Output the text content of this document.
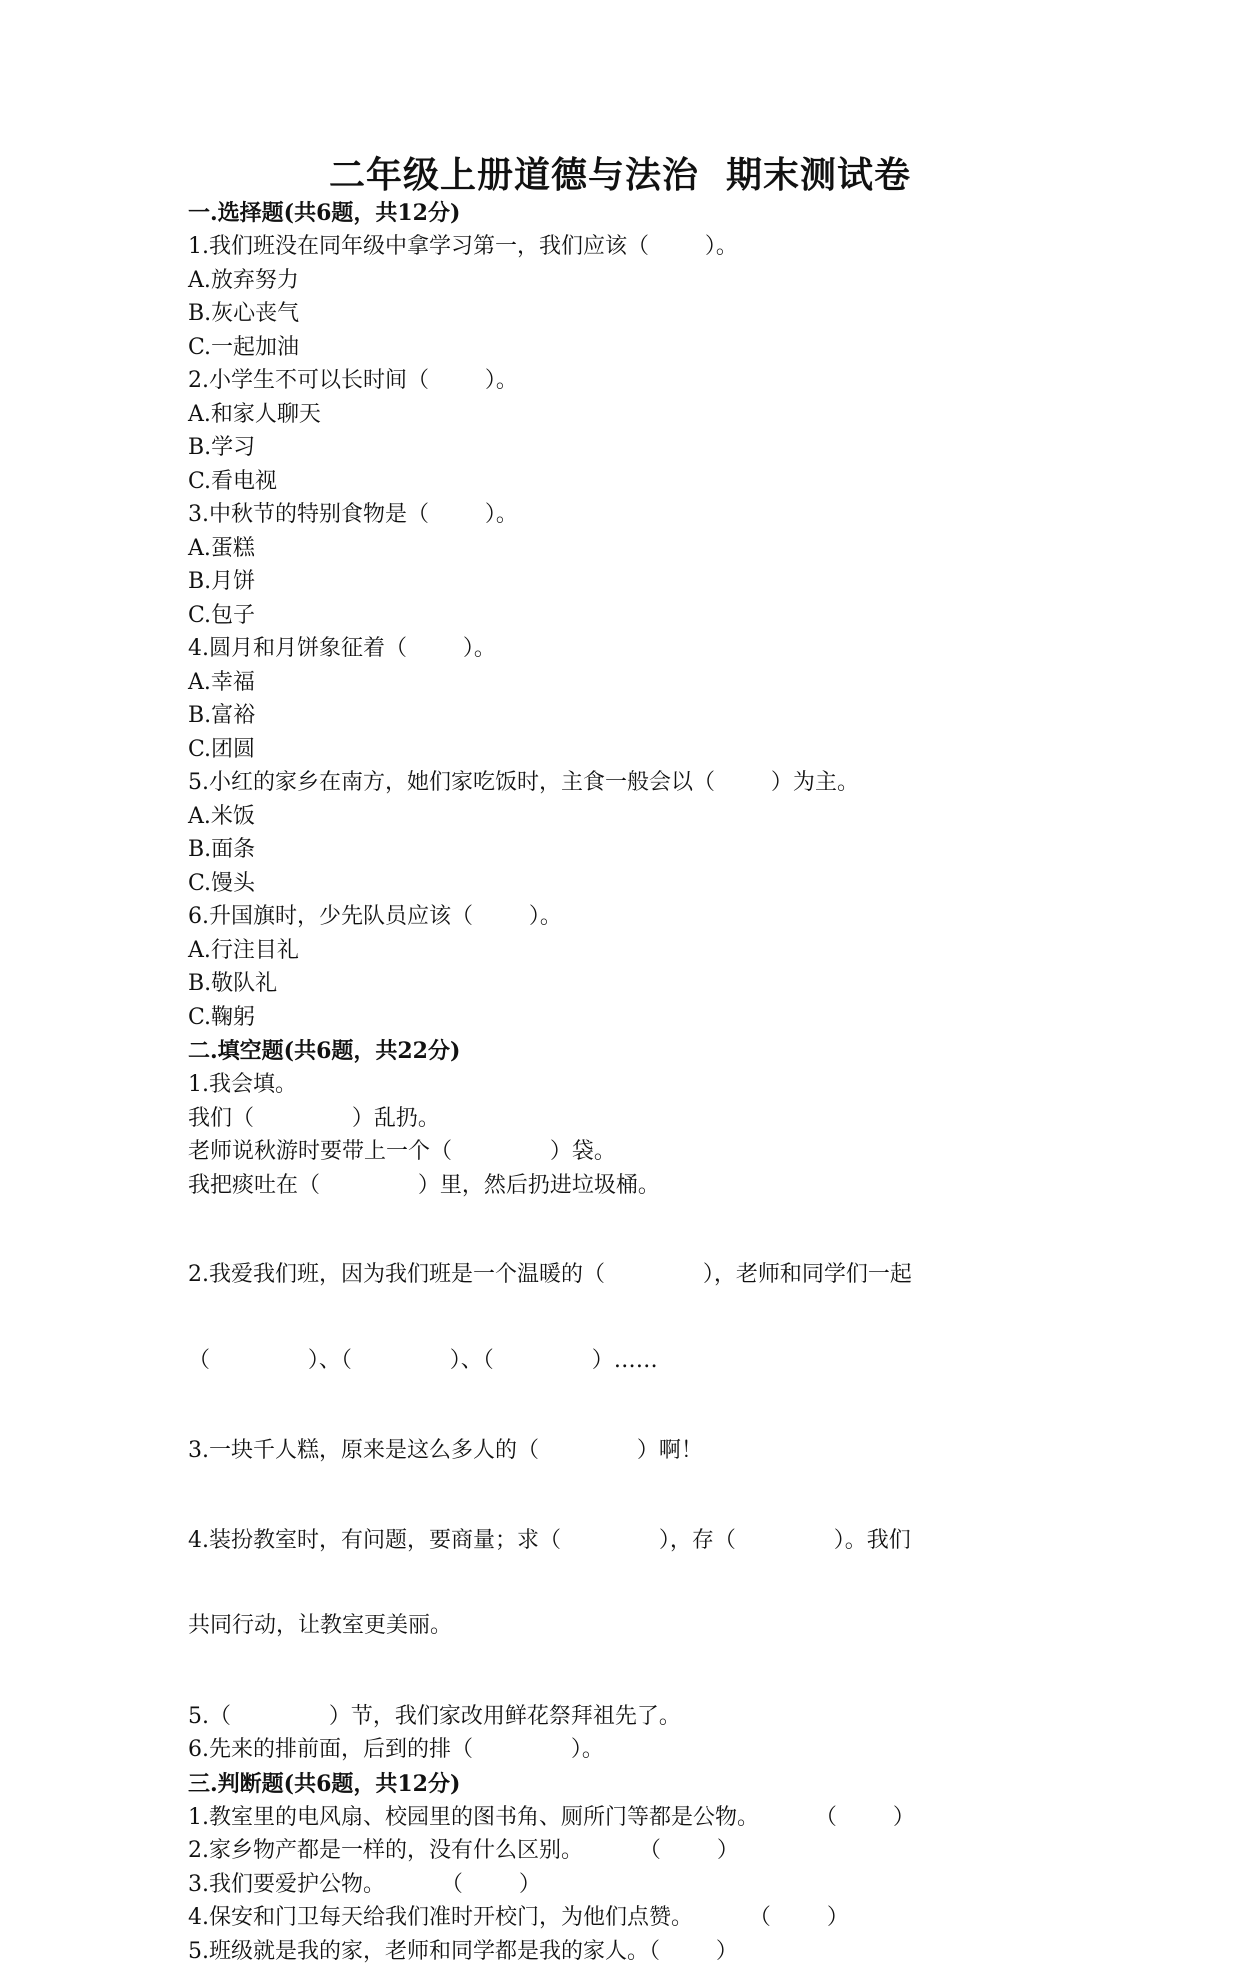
二年级上册道德与法治  期末测试卷
一.选择题(共6题，共12分)
1.我们班没在同年级中拿学习第一，我们应该（        ）。
A.放弃努力
B.灰心丧气
C.一起加油
2.小学生不可以长时间（        ）。
A.和家人聊天
B.学习
C.看电视
3.中秋节的特别食物是（        ）。
A.蛋糕
B.月饼
C.包子
4.圆月和月饼象征着（        ）。
A.幸福
B.富裕
C.团圆
5.小红的家乡在南方，她们家吃饭时，主食一般会以（        ）为主。
A.米饭
B.面条
C.馒头
6.升国旗时，少先队员应该（        ）。
A.行注目礼
B.敬队礼
C.鞠躬
二.填空题(共6题，共22分)
1.我会填。
我们（              ）乱扔。
老师说秋游时要带上一个（              ）袋。
我把痰吐在（              ）里，然后扔进垃圾桶。

2.我爱我们班，因为我们班是一个温暖的（              ），老师和同学们一起

（              ）、（              ）、（              ）……

3.一块千人糕，原来是这么多人的（              ）啊！

4.装扮教室时，有问题，要商量；求（              ），存（              ）。我们

共同行动，让教室更美丽。

5.（              ）节，我们家改用鲜花祭拜祖先了。
6.先来的排前面，后到的排（              ）。
三.判断题(共6题，共12分)
1.教室里的电风扇、校园里的图书角、厕所门等都是公物。        （        ）
2.家乡物产都是一样的，没有什么区别。        （        ）
3.我们要爱护公物。        （        ）
4.保安和门卫每天给我们准时开校门，为他们点赞。        （        ）
5.班级就是我的家，老师和同学都是我的家人。（        ）
